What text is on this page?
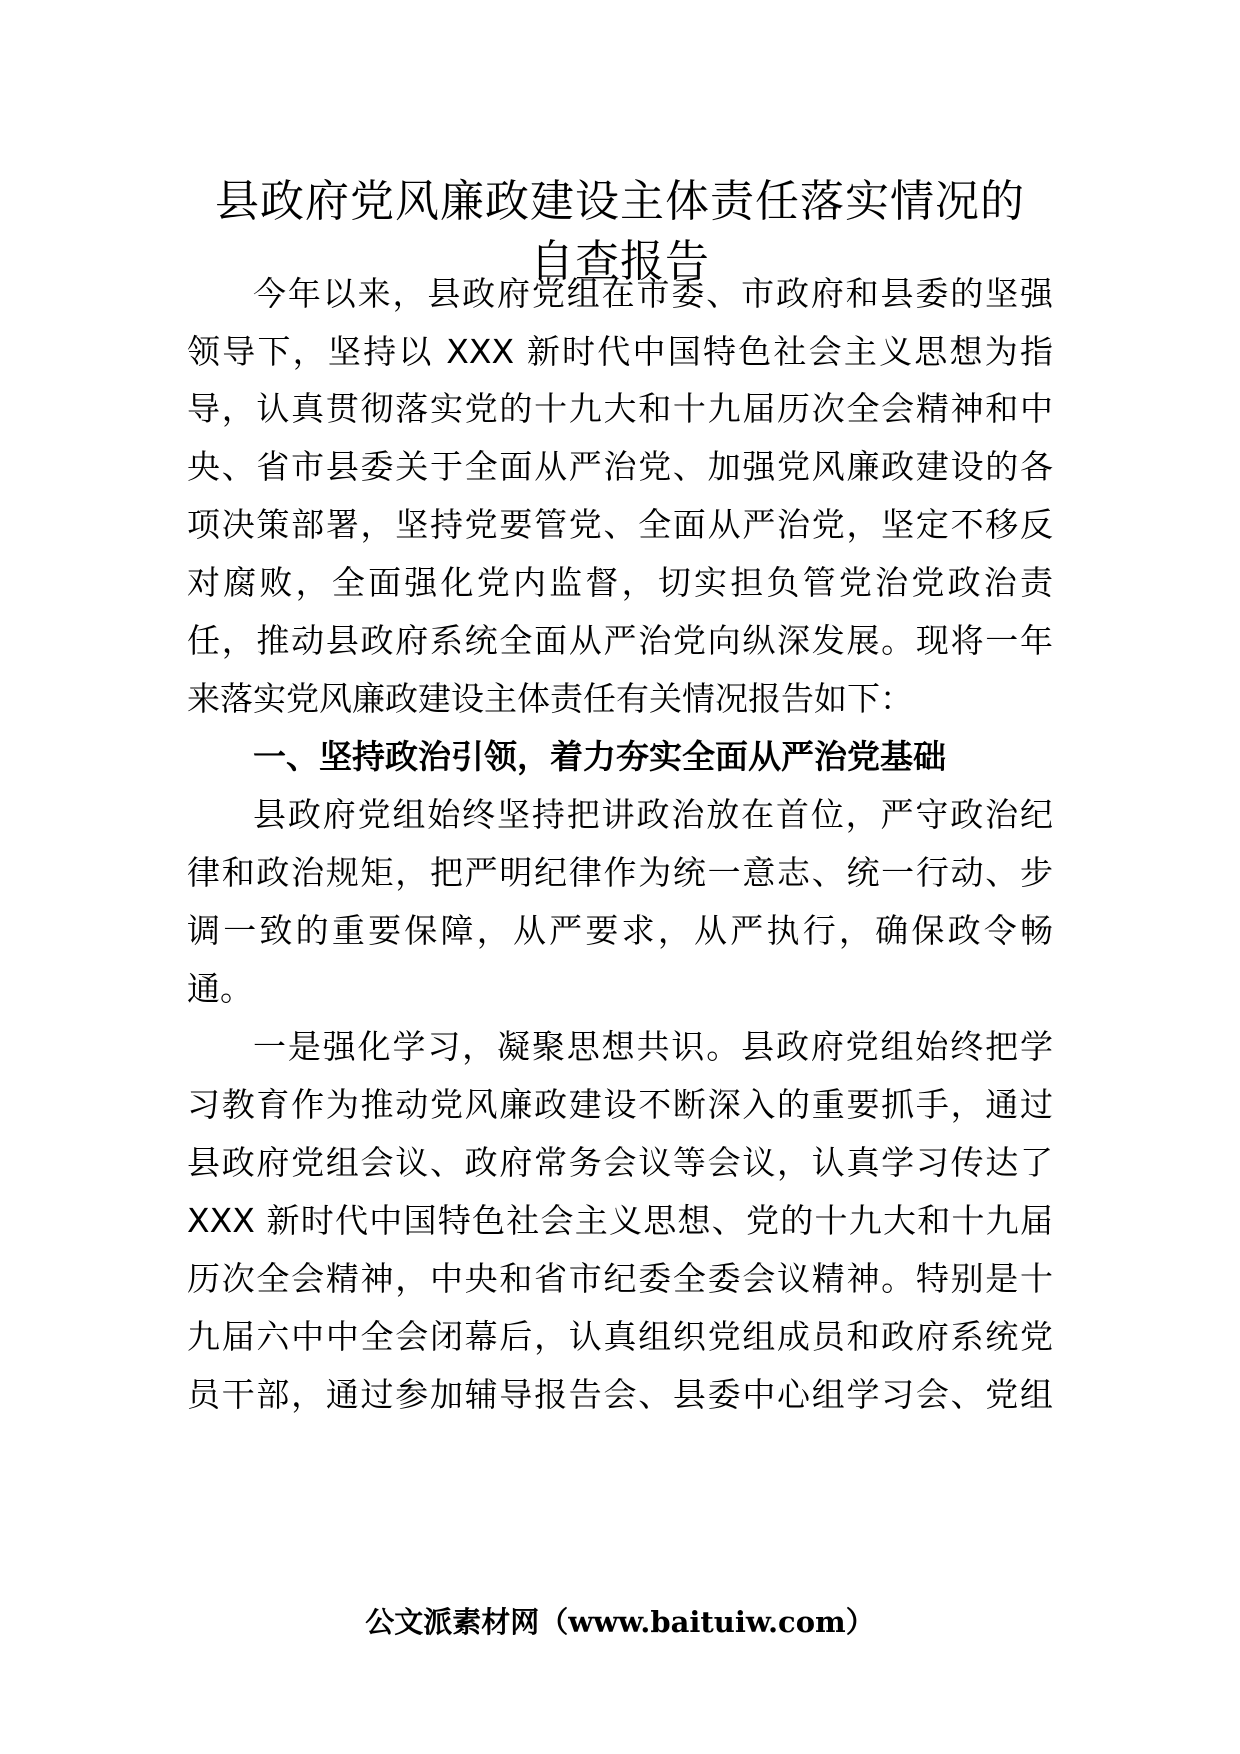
县政府党风廉政建设主体责任落实情况的
自查报告

今年以来，县政府党组在市委、市政府和县委的坚强

领导下，坚持以 XXX 新时代中国特色社会主义思想为指

导，认真贯彻落实党的十九大和十九届历次全会精神和中

央、省市县委关于全面从严治党、加强党风廉政建设的各

项决策部署，坚持党要管党、全面从严治党，坚定不移反

对腐败，全面强化党内监督，切实担负管党治党政治责

任，推动县政府系统全面从严治党向纵深发展。现将一年

来落实党风廉政建设主体责任有关情况报告如下：

一、坚持政治引领，着力夯实全面从严治党基础

县政府党组始终坚持把讲政治放在首位，严守政治纪

律和政治规矩，把严明纪律作为统一意志、统一行动、步

调一致的重要保障，从严要求，从严执行，确保政令畅

通。

一是强化学习，凝聚思想共识。县政府党组始终把学

习教育作为推动党风廉政建设不断深入的重要抓手，通过

县政府党组会议、政府常务会议等会议，认真学习传达了

XXX 新时代中国特色社会主义思想、党的十九大和十九届

历次全会精神，中央和省市纪委全委会议精神。特别是十

九届六中中全会闭幕后，认真组织党组成员和政府系统党

员干部，通过参加辅导报告会、县委中心组学习会、党组

公文派素材网（www.baituiw.com）
